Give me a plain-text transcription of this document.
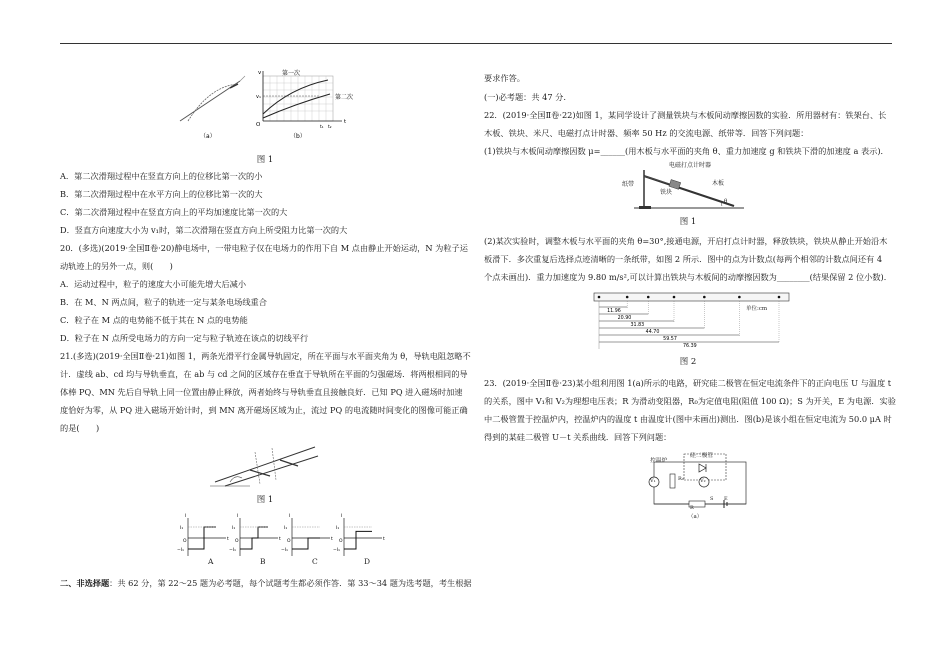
（a）
v
v₁
O	t
第一次
第二次
t₁ t₂
（b）
图 1
A．第二次滑翔过程中在竖直方向上的位移比第一次的小
B．第二次滑翔过程中在水平方向上的位移比第一次的大
C．第二次滑翔过程中在竖直方向上的平均加速度比第一次的大
D．竖直方向速度大小为 v₁时，第二次滑翔在竖直方向上所受阻力比第一次的大
20．(多选)(2019·全国Ⅱ卷·20)静电场中，一带电粒子仅在电场力的作用下自 M 点由静止开始运动，N 为粒子运
动轨迹上的另外一点，则(　　)
A．运动过程中，粒子的速度大小可能先增大后减小
B．在 M、N 两点间，粒子的轨迹一定与某条电场线重合
C．粒子在 M 点的电势能不低于其在 N 点的电势能
D．粒子在 N 点所受电场力的方向一定与粒子轨迹在该点的切线平行
21.(多选)(2019·全国Ⅱ卷·21)如图 1，两条光滑平行金属导轨固定，所在平面与水平面夹角为 θ，导轨电阻忽略不
计．虚线 ab、cd 均与导轨垂直，在 ab 与 cd 之间的区域存在垂直于导轨所在平面的匀强磁场．将两根相同的导
体棒 PQ、MN 先后自导轨上同一位置由静止释放，两者始终与导轨垂直且接触良好．已知 PQ 进入磁场时加速
度恰好为零，从 PQ 进入磁场开始计时，到 MN 离开磁场区域为止，流过 PQ 的电流随时间变化的图像可能正确
的是(　　)
图 1
I₁
−I₁
O	t
I
I₁
−I₁
O	t
I
I₁
−I₁
O	t
I
I₁
−I₁
O	t
I
A	B	C	D
二、非选择题：共 62 分，第 22～25 题为必考题，每个试题考生都必须作答．第 33～34 题为选考题，考生根据
要求作答。
(一)必考题：共 47 分.
22．(2019·全国Ⅱ卷·22)如图 1，某同学设计了测量铁块与木板间动摩擦因数的实验．所用器材有：铁架台、长
木板、铁块、米尺、电磁打点计时器、频率 50 Hz 的交流电源、纸带等．回答下列问题：
(1)铁块与木板间动摩擦因数 μ=______(用木板与水平面的夹角 θ、重力加速度 g 和铁块下滑的加速度 a 表示)．
电磁打点计时器
纸带
铁块
木板
θ
图 1
(2)某次实验时，调整木板与水平面的夹角 θ=30°,接通电源，开启打点计时器，释放铁块，铁块从静止开始沿木
板滑下．多次重复后选择点迹清晰的一条纸带，如图 2 所示．图中的点为计数点(每两个相邻的计数点间还有 4
个点未画出)．重力加速度为 9.80 m/s²,可以计算出铁块与木板间的动摩擦因数为________(结果保留 2 位小数)．
11.96
20.90
31.83
44.70
59.57
76.39
单位:cm
图 2
23．(2019·全国Ⅱ卷·23)某小组利用图 1(a)所示的电路，研究硅二极管在恒定电流条件下的正向电压 U 与温度 t
的关系，图中 V₁和 V₂为理想电压表；R 为滑动变阻器，R₀为定值电阻(阻值 100 Ω)；S 为开关，E 为电源．实验
中二极管置于控温炉内，控温炉内的温度 t 由温度计(图中未画出)测出．图(b)是该小组在恒定电流为 50.0 μA 时
得到的某硅二极管 U－t 关系曲线．回答下列问题：
控温炉
硅二极管
V₁	V₂
R₀
R
S E
（a）
